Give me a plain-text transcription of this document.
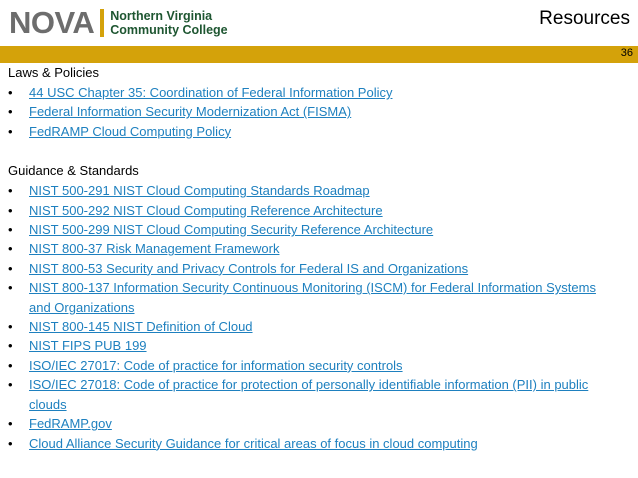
NOVA Northern Virginia
Community College
Resources
36
Laws & Policies
• 44 USC Chapter 35: Coordination of Federal Information Policy
• Federal Information Security Modernization Act (FISMA)
• FedRAMP Cloud Computing Policy
Guidance & Standards
• NIST 500-291 NIST Cloud Computing Standards Roadmap
• NIST 500-292 NIST Cloud Computing Reference Architecture
• NIST 500-299 NIST Cloud Computing Security Reference Architecture
• NIST 800-37 Risk Management Framework
• NIST 800-53 Security and Privacy Controls for Federal IS and Organizations
• NIST 800-137 Information Security Continuous Monitoring (ISCM) for Federal Information Systems and Organizations
• NIST 800-145 NIST Definition of Cloud
• NIST FIPS PUB 199
• ISO/IEC 27017: Code of practice for information security controls
• ISO/IEC 27018: Code of practice for protection of personally identifiable information (PII) in public clouds
• FedRAMP.gov
• Cloud Alliance Security Guidance for critical areas of focus in cloud computing
